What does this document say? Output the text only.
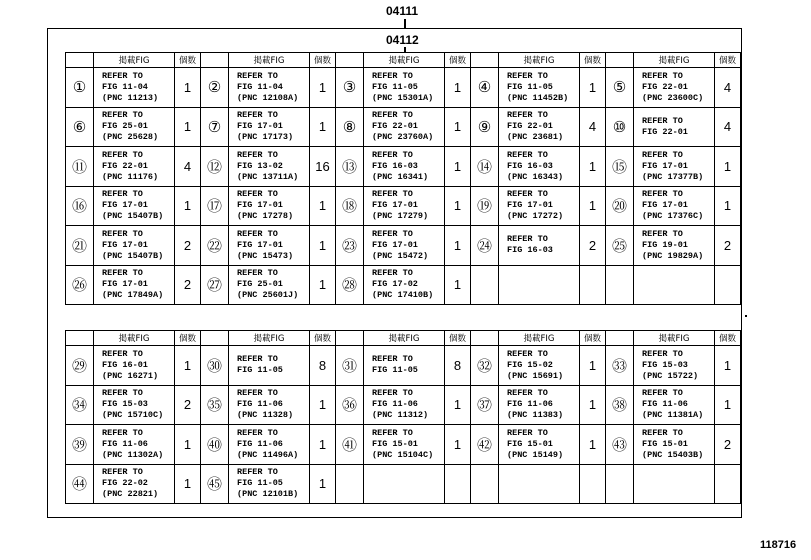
04111
04112
	掲載FIG	個数		掲載FIG	個数		掲載FIG	個数		掲載FIG	個数		掲載FIG	個数
①	REFER TO
FIG 11-04
(PNC 11213)	1	②	REFER TO
FIG 11-04
(PNC 12108A)	1	③	REFER TO
FIG 11-05
(PNC 15301A)	1	④	REFER TO
FIG 11-05
(PNC 11452B)	1	⑤	REFER TO
FIG 22-01
(PNC 23600C)	4
⑥	REFER TO
FIG 25-01
(PNC 25628)	1	⑦	REFER TO
FIG 17-01
(PNC 17173)	1	⑧	REFER TO
FIG 22-01
(PNC 23760A)	1	⑨	REFER TO
FIG 22-01
(PNC 23681)	4	⑩	REFER TO
FIG 22-01	4
⑪	REFER TO
FIG 22-01
(PNC 11176)	4	⑫	REFER TO
FIG 13-02
(PNC 13711A)	16	⑬	REFER TO
FIG 16-03
(PNC 16341)	1	⑭	REFER TO
FIG 16-03
(PNC 16343)	1	⑮	REFER TO
FIG 17-01
(PNC 17377B)	1
⑯	REFER TO
FIG 17-01
(PNC 15407B)	1	⑰	REFER TO
FIG 17-01
(PNC 17278)	1	⑱	REFER TO
FIG 17-01
(PNC 17279)	1	⑲	REFER TO
FIG 17-01
(PNC 17272)	1	⑳	REFER TO
FIG 17-01
(PNC 17376C)	1
㉑	REFER TO
FIG 17-01
(PNC 15407B)	2	㉒	REFER TO
FIG 17-01
(PNC 15473)	1	㉓	REFER TO
FIG 17-01
(PNC 15472)	1	㉔	REFER TO
FIG 16-03	2	㉕	REFER TO
FIG 19-01
(PNC 19829A)	2
㉖	REFER TO
FIG 17-01
(PNC 17849A)	2	㉗	REFER TO
FIG 25-01
(PNC 25601J)	1	㉘	REFER TO
FIG 17-02
(PNC 17410B)	1						
	掲載FIG	個数		掲載FIG	個数		掲載FIG	個数		掲載FIG	個数		掲載FIG	個数
㉙	REFER TO
FIG 16-01
(PNC 16271)	1	㉚	REFER TO
FIG 11-05	8	㉛	REFER TO
FIG 11-05	8	㉜	REFER TO
FIG 15-02
(PNC 15691)	1	㉝	REFER TO
FIG 15-03
(PNC 15722)	1
㉞	REFER TO
FIG 15-03
(PNC 15710C)	2	㉟	REFER TO
FIG 11-06
(PNC 11328)	1	㊱	REFER TO
FIG 11-06
(PNC 11312)	1	㊲	REFER TO
FIG 11-06
(PNC 11383)	1	㊳	REFER TO
FIG 11-06
(PNC 11381A)	1
㊴	REFER TO
FIG 11-06
(PNC 11302A)	1	㊵	REFER TO
FIG 11-06
(PNC 11496A)	1	㊶	REFER TO
FIG 15-01
(PNC 15104C)	1	㊷	REFER TO
FIG 15-01
(PNC 15149)	1	㊸	REFER TO
FIG 15-01
(PNC 15403B)	2
㊹	REFER TO
FIG 22-02
(PNC 22821)	1	㊺	REFER TO
FIG 11-05
(PNC 12101B)	1									
118716
